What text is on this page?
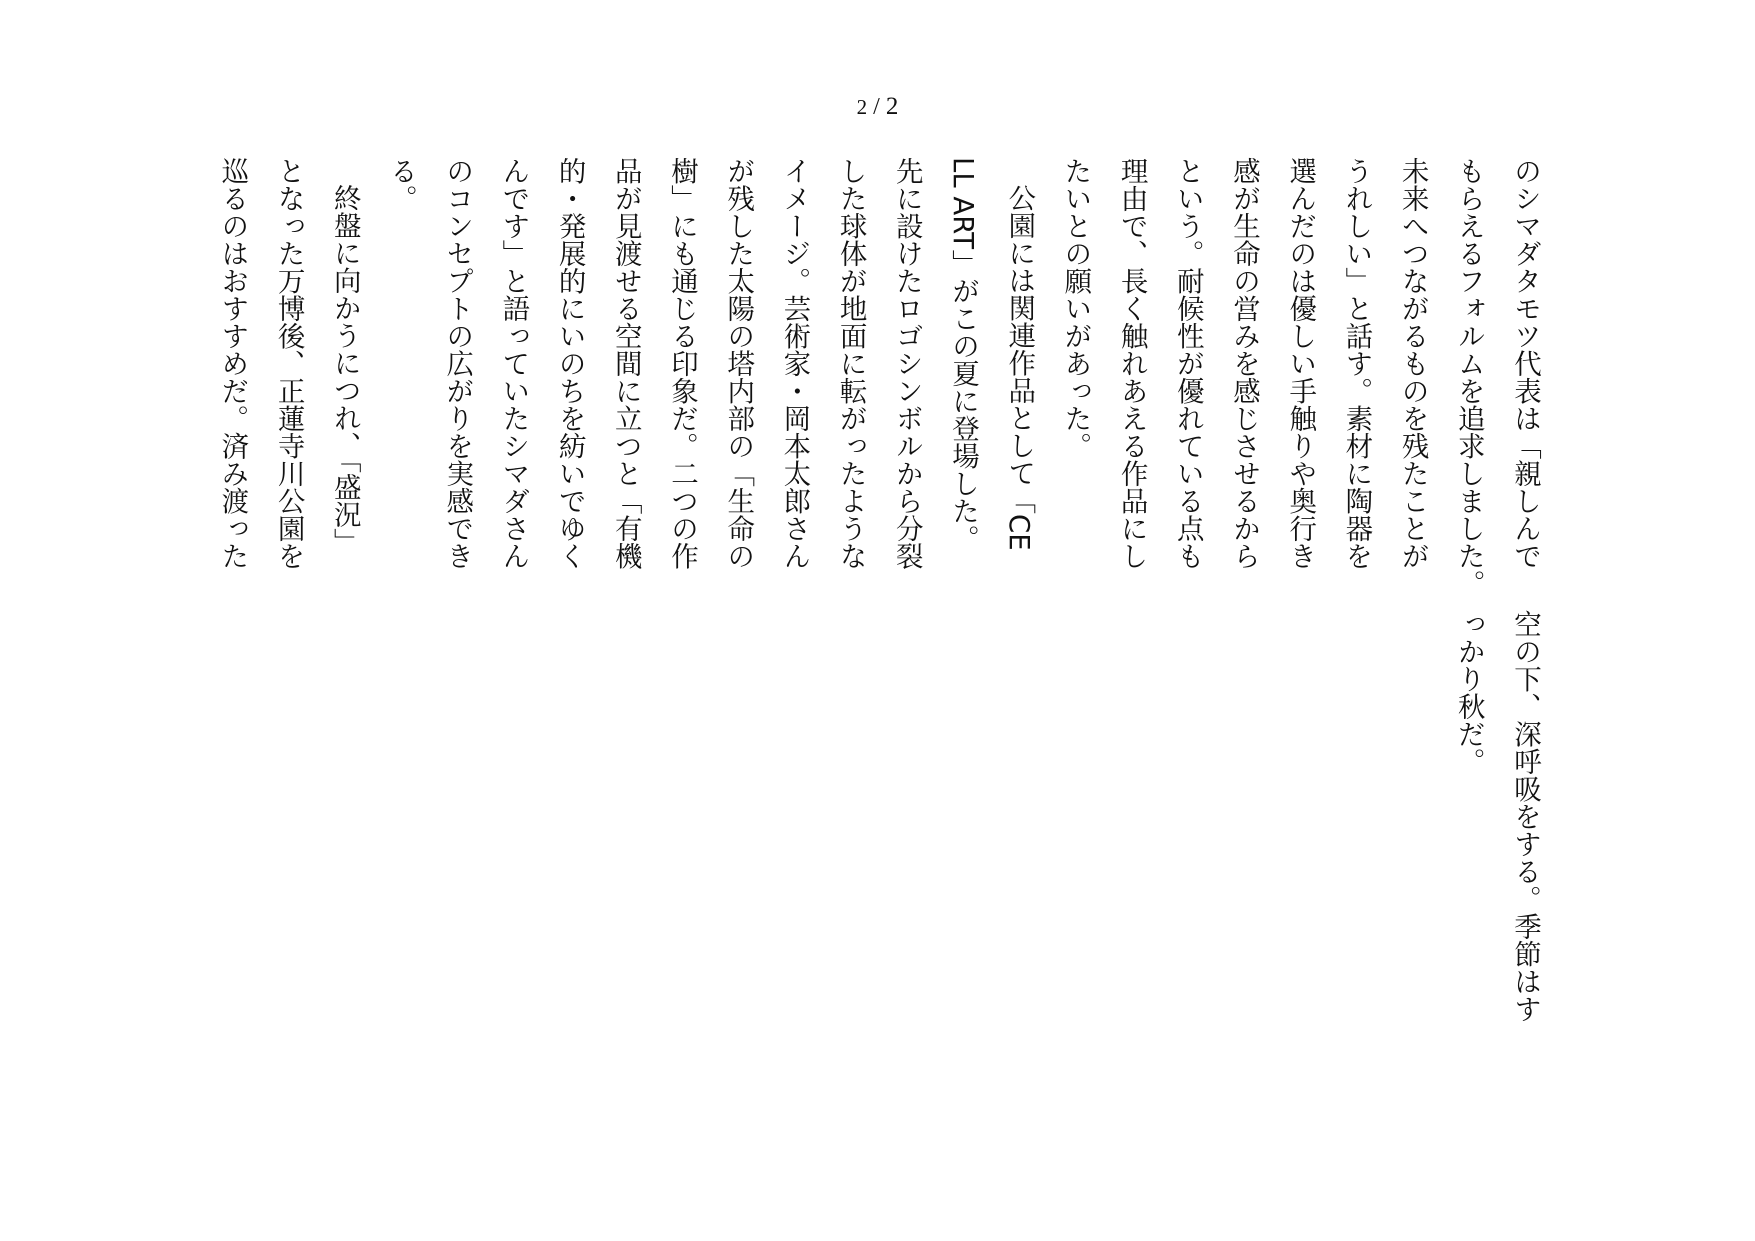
2 / 2
のシマダタモツ代表は「親しんで
もらえるフォルムを追求しました。
未来へつながるものを残たことが
うれしい」と話す。素材に陶器を
選んだのは優しい手触りや奥行き
感が生命の営みを感じさせるから
という。耐候性が優れている点も
理由で、長く触れあえる作品にし
たいとの願いがあった。
公園には関連作品として「CE
LL ART」がこの夏に登場した。
先に設けたロゴシンボルから分裂
した球体が地面に転がったような
イメージ。芸術家・岡本太郎さん
が残した太陽の塔内部の「生命の
樹」にも通じる印象だ。二つの作
品が見渡せる空間に立つと「有機
的・発展的にいのちを紡いでゆく
んです」と語っていたシマダさん
のコンセプトの広がりを実感でき
る。
終盤に向かうにつれ、「盛況」
となった万博後、正蓮寺川公園を
巡るのはおすすめだ。済み渡った
空の下、深呼吸をする。季節はす
っかり秋だ。
